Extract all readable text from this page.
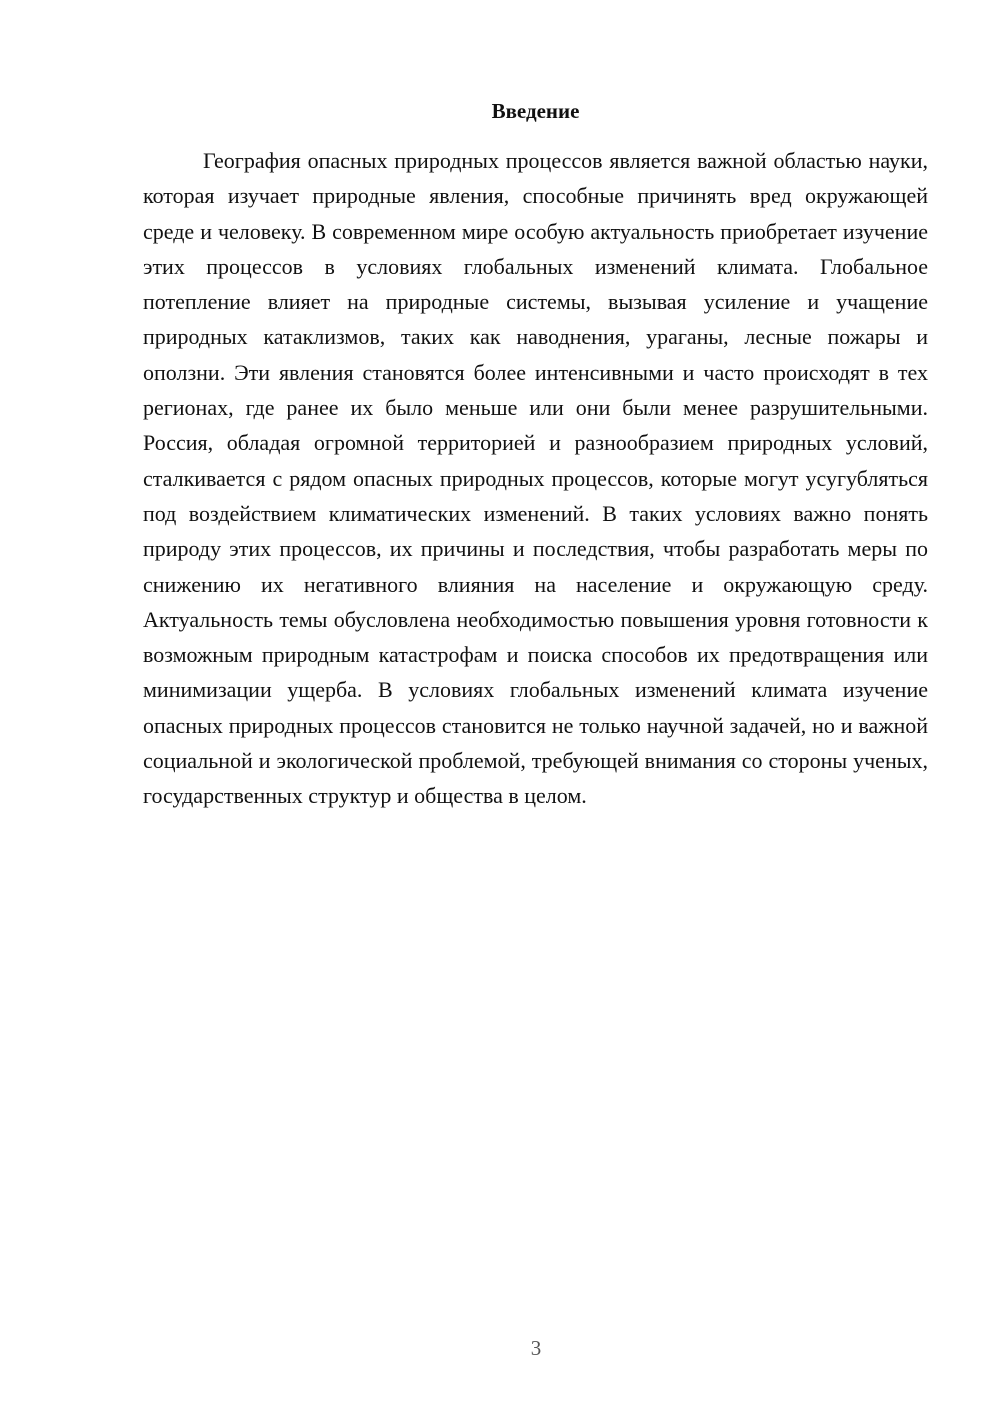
Введение

География опасных природных процессов является важной областью науки, которая изучает природные явления, способные причинять вред окружающей среде и человеку. В современном мире особую актуальность приобретает изучение этих процессов в условиях глобальных изменений климата. Глобальное потепление влияет на природные системы, вызывая усиление и учащение природных катаклизмов, таких как наводнения, ураганы, лесные пожары и оползни. Эти явления становятся более интенсивными и часто происходят в тех регионах, где ранее их было меньше или они были менее разрушительными. Россия, обладая огромной территорией и разнообразием природных условий, сталкивается с рядом опасных природных процессов, которые могут усугубляться под воздействием климатических изменений. В таких условиях важно понять природу этих процессов, их причины и последствия, чтобы разработать меры по снижению их негативного влияния на население и окружающую среду. Актуальность темы обусловлена необходимостью повышения уровня готовности к возможным природным катастрофам и поиска способов их предотвращения или минимизации ущерба. В условиях глобальных изменений климата изучение опасных природных процессов становится не только научной задачей, но и важной социальной и экологической проблемой, требующей внимания со стороны ученых, государственных структур и общества в целом.

3
